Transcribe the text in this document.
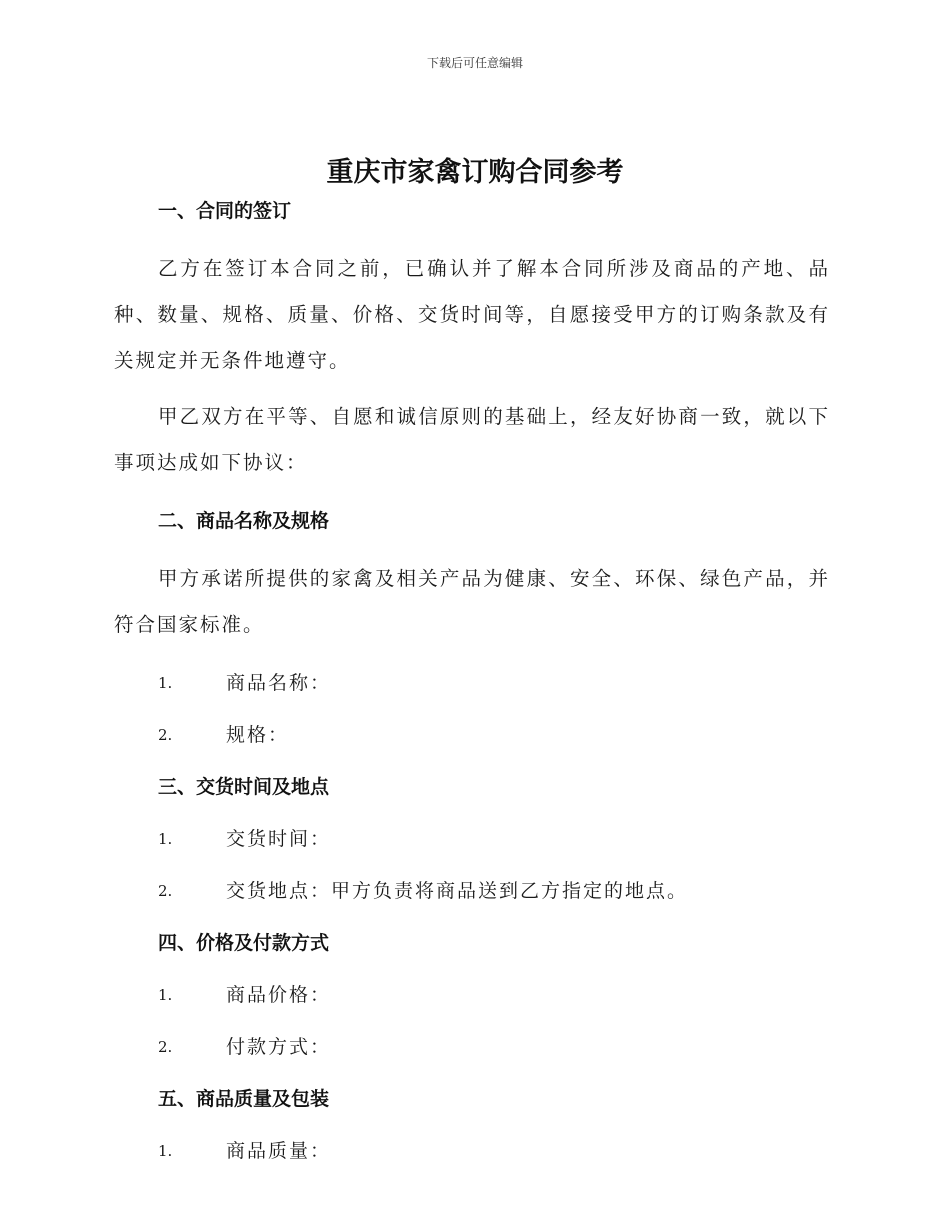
下载后可任意编辑
重庆市家禽订购合同参考
一、合同的签订
乙方在签订本合同之前，已确认并了解本合同所涉及商品的产地、品种、数量、规格、质量、价格、交货时间等，自愿接受甲方的订购条款及有关规定并无条件地遵守。
甲乙双方在平等、自愿和诚信原则的基础上，经友好协商一致，就以下事项达成如下协议：
二、商品名称及规格
甲方承诺所提供的家禽及相关产品为健康、安全、环保、绿色产品，并符合国家标准。
1.	商品名称：
2.	规格：
三、交货时间及地点
1.	交货时间：
2.	交货地点：甲方负责将商品送到乙方指定的地点。
四、价格及付款方式
1.	商品价格：
2.	付款方式：
五、商品质量及包装
1.	商品质量：
